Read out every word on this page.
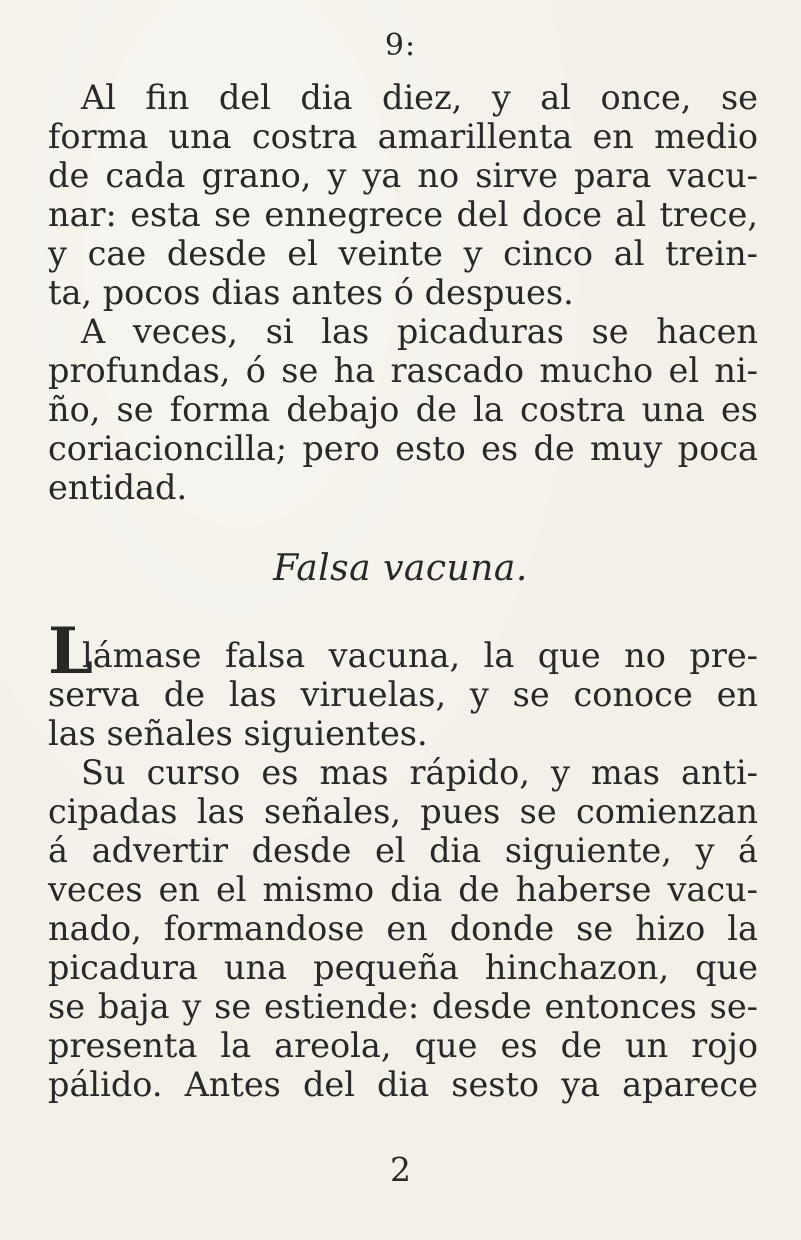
9:
Al fin del dia diez, y al once, se
forma una costra amarillenta en medio
de cada grano, y ya no sirve para vacu-
nar: esta se ennegrece del doce al trece,
y cae desde el veinte y cinco al trein-
ta, pocos dias antes ó despues.
A veces, si las picaduras se hacen
profundas, ó se ha rascado mucho el ni-
ño, se forma debajo de la costra una es
coriacioncilla; pero esto es de muy poca
entidad.
Falsa vacuna.
L
lámase falsa vacuna, la que no pre-
serva de las viruelas, y se conoce en
las señales siguientes.
Su curso es mas rápido, y mas anti-
cipadas las señales, pues se comienzan
á advertir desde el dia siguiente, y á
veces en el mismo dia de haberse vacu-
nado, formandose en donde se hizo la
picadura una pequeña hinchazon, que
se baja y se estiende: desde entonces se-
presenta la areola, que es de un rojo
pálido. Antes del dia sesto ya aparece
2
